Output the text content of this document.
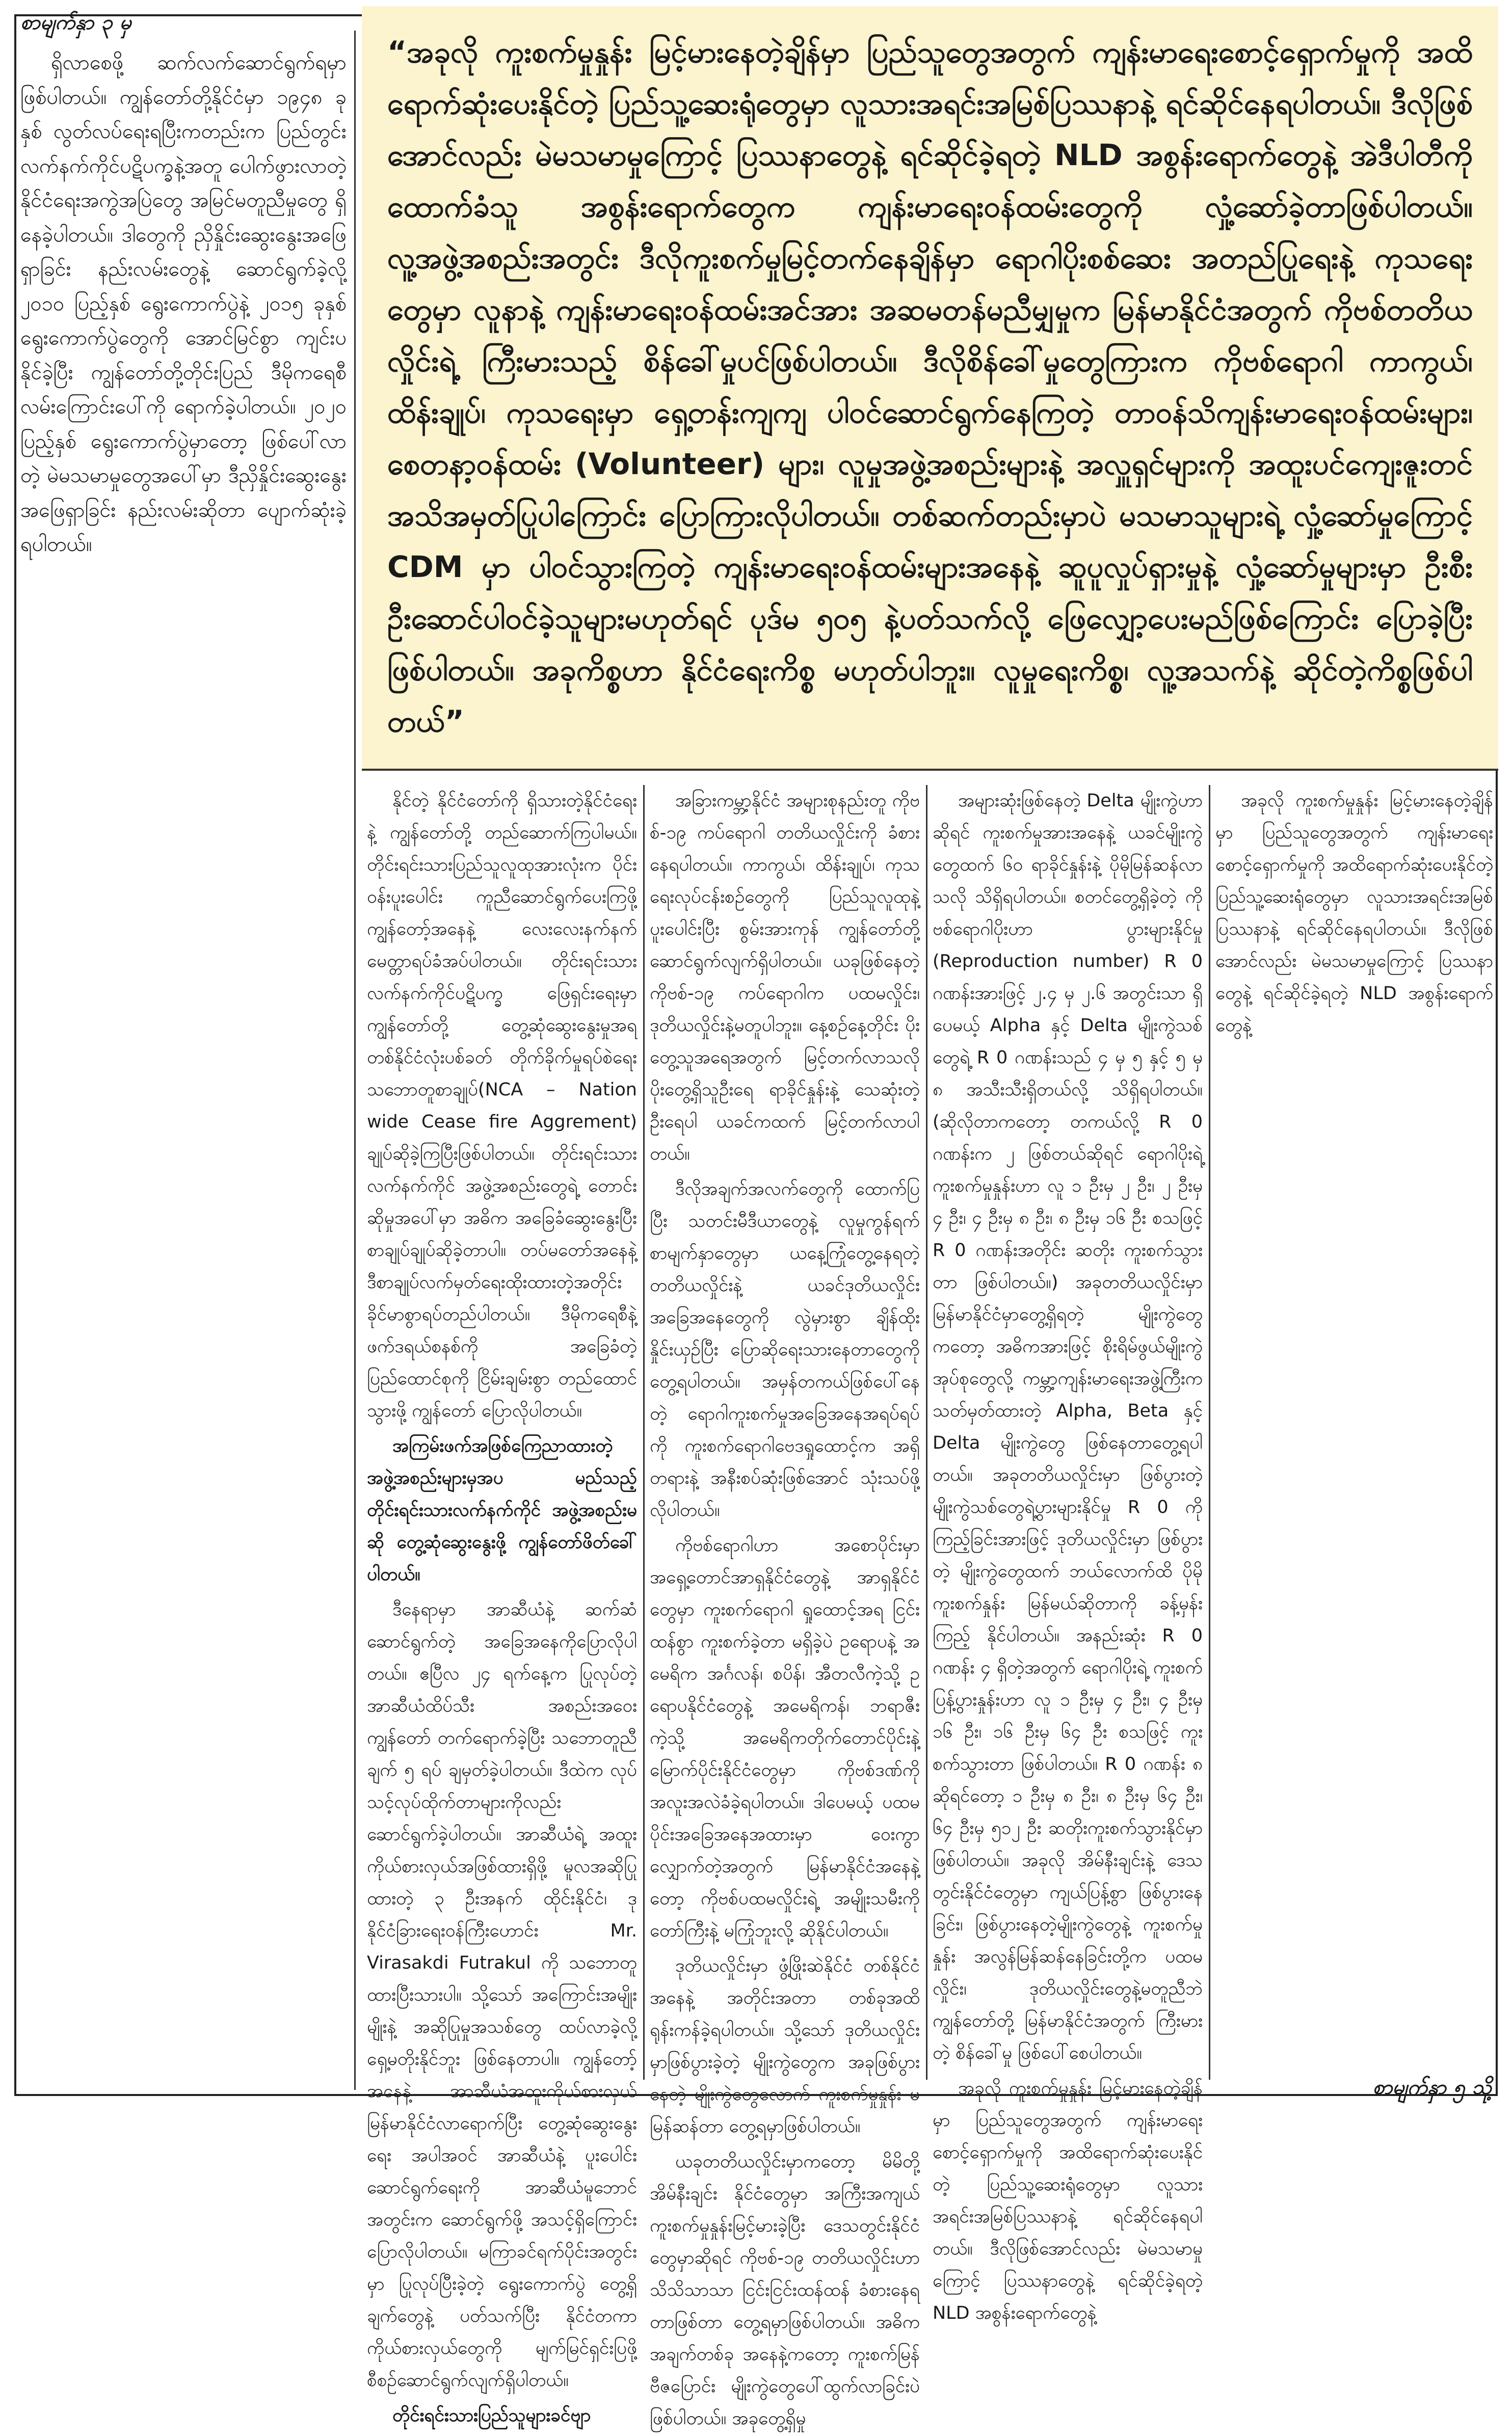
စာမျက်နှာ ၃ မှ

ရှိလာစေဖို့ ဆက်လက်ဆောင်ရွက်ရမှာ ဖြစ်ပါတယ်။ ကျွန်တော်တို့နိုင်ငံမှာ ၁၉၄၈ ခုနှစ် လွတ်လပ်ရေးရပြီးကတည်းက ပြည်တွင်းလက်နက်ကိုင်ပဋိပက္ခနဲ့အတူ ပေါက်ဖွားလာတဲ့ နိုင်ငံရေးအကွဲအပြဲတွေ အမြင်မတူညီမှုတွေ ရှိနေခဲ့ပါတယ်။ ဒါတွေကို ညှိနှိုင်းဆွေးနွေးအဖြေရှာခြင်း နည်းလမ်းတွေနဲ့ ဆောင်ရွက်ခဲ့လို့ ၂၀၁၀ ပြည့်နှစ် ရွေးကောက်ပွဲနဲ့ ၂၀၁၅ ခုနှစ် ရွေးကောက်ပွဲတွေကို အောင်မြင်စွာ ကျင်းပနိုင်ခဲ့ပြီး ကျွန်တော်တို့တိုင်းပြည် ဒီမိုကရေစီလမ်းကြောင်းပေါ်ကို ရောက်ခဲ့ပါတယ်။ ၂၀၂၀ ပြည့်နှစ် ရွေးကောက်ပွဲမှာတော့ ဖြစ်ပေါ်လာတဲ့ မဲမသမာမှုတွေအပေါ်မှာ ဒီညှိနှိုင်းဆွေးနွေး အဖြေရှာခြင်း နည်းလမ်းဆိုတာ ပျောက်ဆုံးခဲ့ရပါတယ်။

“အခုလို ကူးစက်မှုနှုန်း မြင့်မားနေတဲ့ချိန်မှာ ပြည်သူတွေအတွက် ကျန်းမာရေးစောင့်ရှောက်မှုကို အထိရောက်ဆုံးပေးနိုင်တဲ့ ပြည်သူ့ဆေးရုံတွေမှာ လူသားအရင်းအမြစ်ပြဿနာနဲ့ ရင်ဆိုင်နေရပါတယ်။ ဒီလိုဖြစ်အောင်လည်း မဲမသမာမှုကြောင့် ပြဿနာတွေနဲ့ ရင်ဆိုင်ခဲ့ရတဲ့ NLD အစွန်းရောက်တွေနဲ့ အဲဒီပါတီကိုထောက်ခံသူ အစွန်းရောက်တွေက ကျန်းမာရေးဝန်ထမ်းတွေကို လှုံ့ဆော်ခဲ့တာဖြစ်ပါတယ်။ လူ့အဖွဲ့အစည်းအတွင်း ဒီလိုကူးစက်မှုမြင့်တက်နေချိန်မှာ ရောဂါပိုးစစ်ဆေး အတည်ပြုရေးနဲ့ ကုသရေးတွေမှာ လူနာနဲ့ ကျန်းမာရေးဝန်ထမ်းအင်အား အဆမတန်မညီမျှမှုက မြန်မာနိုင်ငံအတွက် ကိုဗစ်တတိယလှိုင်းရဲ့ ကြီးမားသည့် စိန်ခေါ်မှုပင်ဖြစ်ပါတယ်။ ဒီလိုစိန်ခေါ်မှုတွေကြားက ကိုဗစ်ရောဂါ ကာကွယ်၊ ထိန်းချုပ်၊ ကုသရေးမှာ ရှေ့တန်းကျကျ ပါဝင်ဆောင်ရွက်နေကြတဲ့ တာဝန်သိကျန်းမာရေးဝန်ထမ်းများ၊ စေတနာ့ဝန်ထမ်း (Volunteer) များ၊ လူမှုအဖွဲ့အစည်းများနဲ့ အလှူရှင်များကို အထူးပင်ကျေးဇူးတင်အသိအမှတ်ပြုပါကြောင်း ပြောကြားလိုပါတယ်။ တစ်ဆက်တည်းမှာပဲ မသမာသူများရဲ့ လှုံ့ဆော်မှုကြောင့် CDM မှာ ပါဝင်သွားကြတဲ့ ကျန်းမာရေးဝန်ထမ်းများအနေနဲ့ ဆူပူလှုပ်ရှားမှုနဲ့ လှုံ့ဆော်မှုများမှာ ဦးစီးဦးဆောင်ပါဝင်ခဲ့သူများမဟုတ်ရင် ပုဒ်မ ၅၀၅ နဲ့ပတ်သက်လို့ ဖြေလျှော့ပေးမည်ဖြစ်ကြောင်း ပြောခဲ့ပြီးဖြစ်ပါတယ်။ အခုကိစ္စဟာ နိုင်ငံရေးကိစ္စ မဟုတ်ပါဘူး။ လူမှုရေးကိစ္စ၊ လူ့အသက်နဲ့ ဆိုင်တဲ့ကိစ္စဖြစ်ပါတယ်”

နိုင်တဲ့ နိုင်ငံတော်ကို ရှိသားတဲ့နိုင်ငံရေးနဲ့ ကျွန်တော်တို့ တည်ဆောက်ကြပါမယ်။ တိုင်းရင်းသားပြည်သူလူထုအားလုံးက ပိုင်းဝန်းပူးပေါင်း ကူညီဆောင်ရွက်ပေးကြဖို့ ကျွန်တော့်အနေနဲ့ လေးလေးနက်နက် မေတ္တာရပ်ခံအပ်ပါတယ်။ တိုင်းရင်းသားလက်နက်ကိုင်ပဋိပက္ခ ဖြေရှင်းရေးမှာ ကျွန်တော်တို့ တွေ့ဆုံဆွေးနွေးမှုအရ တစ်နိုင်ငံလုံးပစ်ခတ် တိုက်ခိုက်မှုရပ်စဲရေးသဘောတူစာချုပ်(NCA – Nation wide Cease fire Aggrement) ချုပ်ဆိုခဲ့ကြပြီးဖြစ်ပါတယ်။ တိုင်းရင်းသားလက်နက်ကိုင် အဖွဲ့အစည်းတွေရဲ့ တောင်းဆိုမှုအပေါ်မှာ အဓိက အခြေခံဆွေးနွေးပြီး စာချုပ်ချုပ်ဆိုခဲ့တာပါ။ တပ်မတော်အနေနဲ့ ဒီစာချုပ်လက်မှတ်ရေးထိုးထားတဲ့အတိုင်း ခိုင်မာစွာရပ်တည်ပါတယ်။ ဒီမိုကရေစီနဲ့ ဖက်ဒရယ်စနစ်ကို အခြေခံတဲ့ ပြည်ထောင်စုကို ငြိမ်းချမ်းစွာ တည်ထောင်သွားဖို့ ကျွန်တော် ပြောလိုပါတယ်။

အကြမ်းဖက်အဖြစ်ကြေညာထားတဲ့ အဖွဲ့အစည်းများမှအပ မည်သည့်တိုင်းရင်းသားလက်နက်ကိုင် အဖွဲ့အစည်းမဆို တွေ့ဆုံဆွေးနွေးဖို့ ကျွန်တော်ဖိတ်ခေါ်ပါတယ်။

ဒီနေရာမှာ အာဆီယံနဲ့ ဆက်ဆံဆောင်ရွက်တဲ့ အခြေအနေကိုပြောလိုပါတယ်။ ဧပြီလ ၂၄ ရက်နေ့က ပြုလုပ်တဲ့ အာဆီယံထိပ်သီး အစည်းအဝေး ကျွန်တော် တက်ရောက်ခဲ့ပြီး သဘောတူညီချက် ၅ ရပ် ချမှတ်ခဲ့ပါတယ်။ ဒီထဲက လုပ်သင့်လုပ်ထိုက်တာများကိုလည်း ဆောင်ရွက်ခဲ့ပါတယ်။ အာဆီယံရဲ့ အထူးကိုယ်စားလှယ်အဖြစ်ထားရှိဖို့ မူလအဆိုပြုထားတဲ့ ၃ ဦးအနက် ထိုင်းနိုင်ငံ၊ ဒုနိုင်ငံခြားရေးဝန်ကြီးဟောင်း Mr. Virasakdi Futrakul ကို သဘောတူထားပြီးသားပါ။ သို့သော် အကြောင်းအမျိုးမျိုးနဲ့ အဆိုပြုမှုအသစ်တွေ ထပ်လာခဲ့လို့ ရှေ့မတိုးနိုင်ဘူး ဖြစ်နေတာပါ။ ကျွန်တော့်အနေနဲ့ အာဆီယံအထူးကိုယ်စားလှယ် မြန်မာနိုင်ငံလာရောက်ပြီး တွေ့ဆုံဆွေးနွေးရေး အပါအဝင် အာဆီယံနဲ့ ပူးပေါင်းဆောင်ရွက်ရေးကို အာဆီယံမူဘောင်အတွင်းက ဆောင်ရွက်ဖို့ အသင့်ရှိကြောင်း ပြောလိုပါတယ်။ မကြာခင်ရက်ပိုင်းအတွင်းမှာ ပြုလုပ်ပြီးခဲ့တဲ့ ရွေးကောက်ပွဲ တွေ့ရှိချက်တွေနဲ့ ပတ်သက်ပြီး နိုင်ငံတကာ ကိုယ်စားလှယ်တွေကို မျက်မြင်ရှင်းပြဖို့ စီစဉ်ဆောင်ရွက်လျက်ရှိပါတယ်။

တိုင်းရင်းသားပြည်သူများခင်ဗျာ

အခြားကမ္ဘာ့နိုင်ငံ အများစုနည်းတူ ကိုဗစ်-၁၉ ကပ်ရောဂါ တတိယလှိုင်းကို ခံစားနေရပါတယ်။ ကာကွယ်၊ ထိန်းချုပ်၊ ကုသရေးလုပ်ငန်းစဉ်တွေကို ပြည်သူလူထုနဲ့ပူးပေါင်းပြီး စွမ်းအားကုန် ကျွန်တော်တို့ ဆောင်ရွက်လျက်ရှိပါတယ်။ ယခုဖြစ်နေတဲ့ ကိုဗစ်-၁၉ ကပ်ရောဂါက ပထမလှိုင်း၊ ဒုတိယလှိုင်းနဲ့မတူပါဘူး။ နေ့စဉ်နေ့တိုင်း ပိုးတွေ့သူအရေအတွက် မြင့်တက်လာသလို ပိုးတွေ့ရှိသူဦးရေ ရာခိုင်နှုန်းနဲ့ သေဆုံးတဲ့ဦးရေပါ ယခင်ကထက် မြင့်တက်လာပါတယ်။

ဒီလိုအချက်အလက်တွေကို ထောက်ပြပြီး သတင်းမီဒီယာတွေနဲ့ လူမှုကွန်ရက်စာမျက်နှာတွေမှာ ယနေ့ကြုံတွေ့နေရတဲ့ တတိယလှိုင်းနဲ့ ယခင်ဒုတိယလှိုင်းအခြေအနေတွေကို လွဲမှားစွာ ချိန်ထိုးနှိုင်းယှဉ်ပြီး ပြောဆိုရေးသားနေတာတွေကို တွေ့ရပါတယ်။ အမှန်တကယ်ဖြစ်ပေါ်နေတဲ့ ရောဂါကူးစက်မှုအခြေအနေအရပ်ရပ်ကို ကူးစက်ရောဂါဗေဒရှုထောင့်က အရှိတရားနဲ့ အနီးစပ်ဆုံးဖြစ်အောင် သုံးသပ်ဖို့လိုပါတယ်။

ကိုဗစ်ရောဂါဟာ အစောပိုင်းမှာ အရှေ့တောင်အာရှနိုင်ငံတွေနဲ့ အာရှနိုင်ငံတွေမှာ ကူးစက်ရောဂါ ရှုထောင့်အရ ငြင်းထန်စွာ ကူးစက်ခဲ့တာ မရှိခဲ့ပဲ ဥရောပနဲ့ အမေရိက အင်္ဂလန်၊ စပိန်၊ အီတလီကဲ့သို့ ဥရောပနိုင်ငံတွေနဲ့ အမေရိကန်၊ ဘရာဇီးကဲ့သို့ အမေရိကတိုက်တောင်ပိုင်းနဲ့ မြောက်ပိုင်းနိုင်ငံတွေမှာ ကိုဗစ်ဒဏ်ကို အလူးအလဲခံခဲ့ရပါတယ်။ ဒါပေမယ့် ပထမပိုင်းအခြေအနေအထားမှာ ဝေးကွာလျှောက်တဲ့အတွက် မြန်မာနိုင်ငံအနေနဲ့တော့ ကိုဗစ်ပထမလှိုင်းရဲ့ အမျိုးသမီးကိုတော်ကြီးနဲ့ မကြုံဘူးလို့ ဆိုနိုင်ပါတယ်။

ဒုတိယလှိုင်းမှာ ဖွံ့ဖြိုးဆဲနိုင်ငံ တစ်နိုင်ငံအနေနဲ့ အတိုင်းအတာ တစ်ခုအထိ ရုန်းကန်ခဲ့ရပါတယ်။ သို့သော် ဒုတိယလှိုင်းမှာဖြစ်ပွားခဲ့တဲ့ မျိုးကွဲတွေက အခုဖြစ်ပွားနေတဲ့ မျိုးကွဲတွေလောက် ကူးစက်မှုနှုန်း မမြန်ဆန်တာ တွေ့ရမှာဖြစ်ပါတယ်။

ယခုတတိယလှိုင်းမှာကတော့ မိမိတို့အိမ်နီးချင်း နိုင်ငံတွေမှာ အကြီးအကျယ် ကူးစက်မှုနှုန်းမြင့်မားခဲ့ပြီး ဒေသတွင်းနိုင်ငံတွေမှာဆိုရင် ကိုဗစ်-၁၉ တတိယလှိုင်းဟာ သိသိသာသာ ငြင်းငြင်းထန်ထန် ခံစားနေရတာဖြစ်တာ တွေ့ရမှာဖြစ်ပါတယ်။ အဓိကအချက်တစ်ခု အနေနဲ့ကတော့ ကူးစက်မြန် ဗီဇပြောင်း မျိုးကွဲတွေပေါ်ထွက်လာခြင်းပဲ ဖြစ်ပါတယ်။ အခုတွေ့ရှိမှု

အများဆုံးဖြစ်နေတဲ့ Delta မျိုးကွဲဟာဆိုရင် ကူးစက်မှုအားအနေနဲ့ ယခင်မျိုးကွဲတွေထက် ၆၀ ရာခိုင်နှုန်းနဲ့ ပိုမိုမြန်ဆန်လာသလို သိရှိရပါတယ်။ စတင်တွေ့ရှိခဲ့တဲ့ ကိုဗစ်ရောဂါပိုးဟာ ပွားများနိုင်မှု (Reproduction number) R 0 ဂဏန်းအားဖြင့် ၂.၄ မှ ၂.၆ အတွင်းသာ ရှိပေမယ့် Alpha နှင့် Delta မျိုးကွဲသစ်တွေရဲ့ R 0 ဂဏန်းသည် ၄ မှ ၅ နှင့် ၅ မှ ၈ အသီးသီးရှိတယ်လို့ သိရှိရပါတယ်။ (ဆိုလိုတာကတော့ တကယ်လို့ R 0 ဂဏန်းက ၂ ဖြစ်တယ်ဆိုရင် ရောဂါပိုးရဲ့ ကူးစက်မှုနှုန်းဟာ လူ ၁ ဦးမှ ၂ ဦး၊ ၂ ဦးမှ ၄ ဦး၊ ၄ ဦးမှ ၈ ဦး၊ ၈ ဦးမှ ၁၆ ဦး စသဖြင့် R 0 ဂဏန်းအတိုင်း ဆတိုး ကူးစက်သွားတာ ဖြစ်ပါတယ်။) အခုတတိယလှိုင်းမှာ မြန်မာနိုင်ငံမှာတွေ့ရှိရတဲ့ မျိုးကွဲတွေကတော့ အဓိကအားဖြင့် စိုးရိမ်ဖွယ်မျိုးကွဲအုပ်စုတွေလို့ ကမ္ဘာ့ကျန်းမာရေးအဖွဲ့ကြီးက သတ်မှတ်ထားတဲ့ Alpha, Beta နှင့် Delta မျိုးကွဲတွေ ဖြစ်နေတာတွေ့ရပါတယ်။ အခုတတိယလှိုင်းမှာ ဖြစ်ပွားတဲ့ မျိုးကွဲသစ်တွေရဲ့ပွားများနိုင်မှု R 0 ကို ကြည့်ခြင်းအားဖြင့် ဒုတိယလှိုင်းမှာ ဖြစ်ပွားတဲ့ မျိုးကွဲတွေထက် ဘယ်လောက်ထိ ပိုမိုကူးစက်နှုန်း မြန်မယ်ဆိုတာကို ခန့်မှန်းကြည့် နိုင်ပါတယ်။ အနည်းဆုံး R 0 ဂဏန်း ၄ ရှိတဲ့အတွက် ရောဂါပိုးရဲ့ ကူးစက်ပြန့်ပွားနှုန်းဟာ လူ ၁ ဦးမှ ၄ ဦး၊ ၄ ဦးမှ ၁၆ ဦး၊ ၁၆ ဦးမှ ၆၄ ဦး စသဖြင့် ကူးစက်သွားတာ ဖြစ်ပါတယ်။ R 0 ဂဏန်း ၈ ဆိုရင်တော့ ၁ ဦးမှ ၈ ဦး၊ ၈ ဦးမှ ၆၄ ဦး၊ ၆၄ ဦးမှ ၅၁၂ ဦး ဆတိုးကူးစက်သွားနိုင်မှာ ဖြစ်ပါတယ်။ အခုလို အိမ်နီးချင်းနဲ့ ဒေသတွင်းနိုင်ငံတွေမှာ ကျယ်ပြန့်စွာ ဖြစ်ပွားနေခြင်း၊ ဖြစ်ပွားနေတဲ့မျိုးကွဲတွေနဲ့ ကူးစက်မှုနှုန်း အလွန်မြန်ဆန်နေခြင်းတို့က ပထမလှိုင်း၊ ဒုတိယလှိုင်းတွေနဲ့မတူညီဘဲ ကျွန်တော်တို့ မြန်မာနိုင်ငံအတွက် ကြီးမားတဲ့ စိန်ခေါ်မှု ဖြစ်ပေါ်စေပါတယ်။

အခုလို ကူးစက်မှုနှုန်း မြင့်မားနေတဲ့ချိန်မှာ ပြည်သူတွေအတွက် ကျန်းမာရေးစောင့်ရှောက်မှုကို အထိရောက်ဆုံးပေးနိုင်တဲ့ ပြည်သူ့ဆေးရုံတွေမှာ လူသားအရင်းအမြစ်ပြဿနာနဲ့ ရင်ဆိုင်နေရပါတယ်။ ဒီလိုဖြစ်အောင်လည်း မဲမသမာမှုကြောင့် ပြဿနာတွေနဲ့ ရင်ဆိုင်ခဲ့ရတဲ့ NLD အစွန်းရောက်တွေနဲ့

အခုလို ကူးစက်မှုနှုန်း မြင့်မားနေတဲ့ချိန်မှာ ပြည်သူတွေအတွက် ကျန်းမာရေးစောင့်ရှောက်မှုကို အထိရောက်ဆုံးပေးနိုင်တဲ့ ပြည်သူ့ဆေးရုံတွေမှာ လူသားအရင်းအမြစ်ပြဿနာနဲ့ ရင်ဆိုင်နေရပါတယ်။ ဒီလိုဖြစ်အောင်လည်း မဲမသမာမှုကြောင့် ပြဿနာတွေနဲ့ ရင်ဆိုင်ခဲ့ရတဲ့ NLD အစွန်းရောက်တွေနဲ့

စာမျက်နှာ ၅ သို့
